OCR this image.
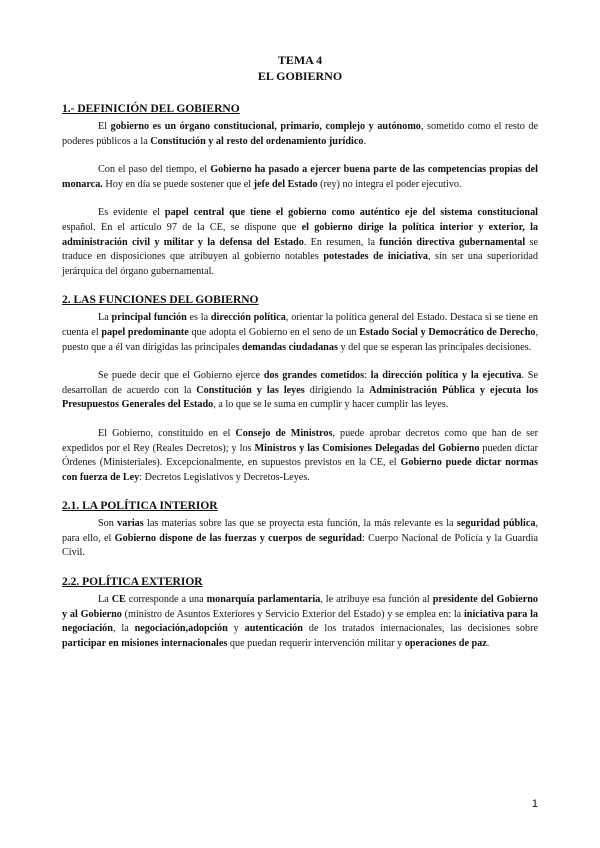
TEMA 4
EL GOBIERNO
1.- DEFINICIÓN DEL GOBIERNO

El gobierno es un órgano constitucional, primario, complejo y autónomo, sometido como el resto de poderes públicos a la Constitución y al resto del ordenamiento jurídico.

Con el paso del tiempo, el Gobierno ha pasado a ejercer buena parte de las competencias propias del monarca. Hoy en día se puede sostener que el jefe del Estado (rey) no integra el poder ejecutivo.

Es evidente el papel central que tiene el gobierno como auténtico eje del sistema constitucional español. En el artículo 97 de la CE, se dispone que el gobierno dirige la política interior y exterior, la administración civil y militar y la defensa del Estado. En resumen, la función directiva gubernamental se traduce en disposiciones que atribuyen al gobierno notables potestades de iniciativa, sin ser una superioridad jerárquica del órgano gubernamental.

2. LAS FUNCIONES DEL GOBIERNO

La principal función es la dirección política, orientar la política general del Estado. Destaca si se tiene en cuenta el papel predominante que adopta el Gobierno en el seno de un Estado Social y Democrático de Derecho, puesto que a él van dirigidas las principales demandas ciudadanas y del que se esperan las principales decisiones.

Se puede decir que el Gobierno ejerce dos grandes cometidos: la dirección política y la ejecutiva. Se desarrollan de acuerdo con la Constitución y las leyes dirigiendo la Administración Pública y ejecuta los Presupuestos Generales del Estado, a lo que se le suma en cumplir y hacer cumplir las leyes.

El Gobierno, constituido en el Consejo de Ministros, puede aprobar decretos como que han de ser expedidos por el Rey (Reales Decretos); y los Ministros y las Comisiones Delegadas del Gobierno pueden dictar Órdenes (Ministeriales). Excepcionalmente, en supuestos previstos en la CE, el Gobierno puede dictar normas con fuerza de Ley: Decretos Legislativos y Decretos-Leyes.

2.1. LA POLÍTICA INTERIOR

Son varias las materias sobre las que se proyecta esta función, la más relevante es la seguridad pública, para ello, el Gobierno dispone de las fuerzas y cuerpos de seguridad: Cuerpo Nacional de Policía y la Guardia Civil.

2.2. POLÍTICA EXTERIOR

La CE corresponde a una monarquía parlamentaria, le atribuye esa función al presidente del Gobierno y al Gobierno (ministro de Asuntos Exteriores y Servicio Exterior del Estado) y se emplea en: la iniciativa para la negociación, la negociación,adopción y autenticación de los tratados internacionales, las decisiones sobre participar en misiones internacionales que puedan requerir intervención militar y operaciones de paz.

1
